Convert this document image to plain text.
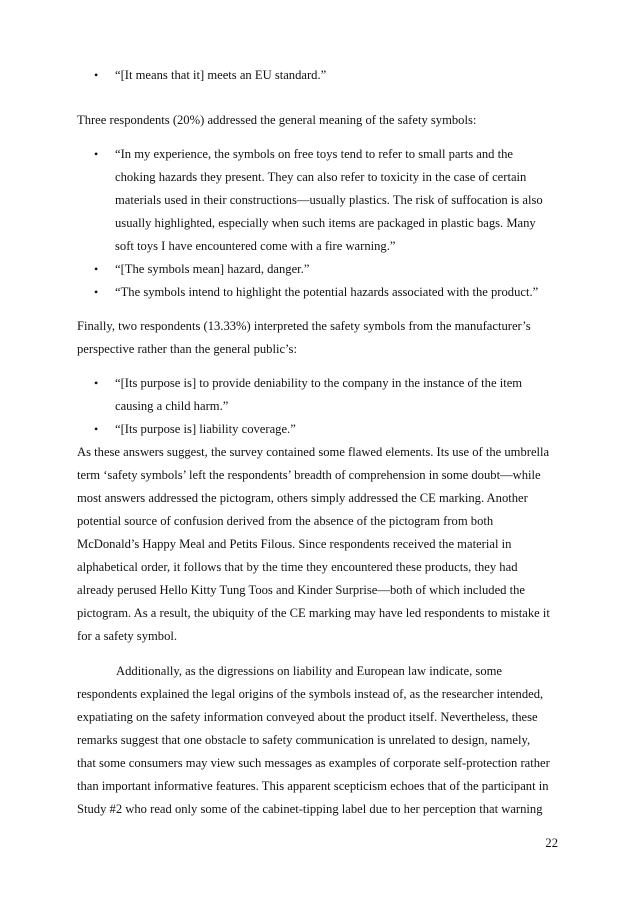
• “[It means that it] meets an EU standard.”
Three respondents (20%) addressed the general meaning of the safety symbols:
• “In my experience, the symbols on free toys tend to refer to small parts and the
choking hazards they present. They can also refer to toxicity in the case of certain
materials used in their constructions—usually plastics. The risk of suffocation is also
usually highlighted, especially when such items are packaged in plastic bags. Many
soft toys I have encountered come with a fire warning.”
• “[The symbols mean] hazard, danger.”
• “The symbols intend to highlight the potential hazards associated with the product.”
Finally, two respondents (13.33%) interpreted the safety symbols from the manufacturer’s
perspective rather than the general public’s:
• “[Its purpose is] to provide deniability to the company in the instance of the item
causing a child harm.”
• “[Its purpose is] liability coverage.”
As these answers suggest, the survey contained some flawed elements. Its use of the umbrella
term ‘safety symbols’ left the respondents’ breadth of comprehension in some doubt—while
most answers addressed the pictogram, others simply addressed the CE marking. Another
potential source of confusion derived from the absence of the pictogram from both
McDonald’s Happy Meal and Petits Filous. Since respondents received the material in
alphabetical order, it follows that by the time they encountered these products, they had
already perused Hello Kitty Tung Toos and Kinder Surprise—both of which included the
pictogram. As a result, the ubiquity of the CE marking may have led respondents to mistake it
for a safety symbol.
Additionally, as the digressions on liability and European law indicate, some
respondents explained the legal origins of the symbols instead of, as the researcher intended,
expatiating on the safety information conveyed about the product itself. Nevertheless, these
remarks suggest that one obstacle to safety communication is unrelated to design, namely,
that some consumers may view such messages as examples of corporate self-protection rather
than important informative features. This apparent scepticism echoes that of the participant in
Study #2 who read only some of the cabinet-tipping label due to her perception that warning
22
